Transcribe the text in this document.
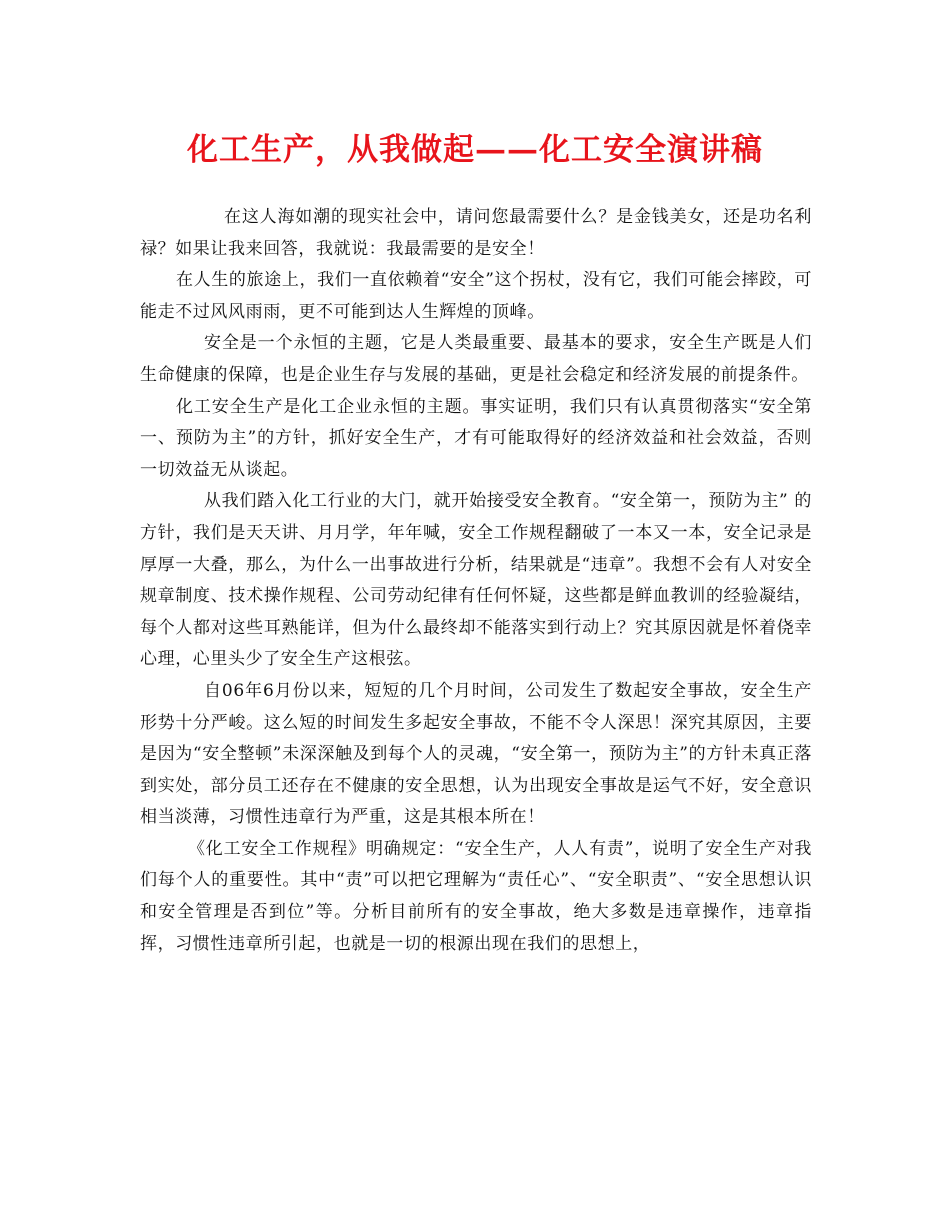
化工生产，从我做起——化工安全演讲稿

在这人海如潮的现实社会中，请问您最需要什么？是金钱美女，还是功名利禄？如果让我来回答，我就说：我最需要的是安全！

在人生的旅途上，我们一直依赖着“安全”这个拐杖，没有它，我们可能会摔跤，可能走不过风风雨雨，更不可能到达人生辉煌的顶峰。

安全是一个永恒的主题，它是人类最重要、最基本的要求，安全生产既是人们生命健康的保障，也是企业生存与发展的基础，更是社会稳定和经济发展的前提条件。

化工安全生产是化工企业永恒的主题。事实证明，我们只有认真贯彻落实“安全第一、预防为主”的方针，抓好安全生产，才有可能取得好的经济效益和社会效益，否则一切效益无从谈起。

从我们踏入化工行业的大门，就开始接受安全教育。“安全第一，预防为主” 的方针，我们是天天讲、月月学，年年喊，安全工作规程翻破了一本又一本，安全记录是厚厚一大叠，那么，为什么一出事故进行分析，结果就是“违章”。我想不会有人对安全规章制度、技术操作规程、公司劳动纪律有任何怀疑，这些都是鲜血教训的经验凝结，每个人都对这些耳熟能详，但为什么最终却不能落实到行动上？究其原因就是怀着侥幸心理，心里头少了安全生产这根弦。

自06年6月份以来，短短的几个月时间，公司发生了数起安全事故，安全生产形势十分严峻。这么短的时间发生多起安全事故，不能不令人深思！深究其原因，主要是因为“安全整顿”未深深触及到每个人的灵魂，“安全第一，预防为主”的方针未真正落到实处，部分员工还存在不健康的安全思想，认为出现安全事故是运气不好，安全意识相当淡薄，习惯性违章行为严重，这是其根本所在！

《化工安全工作规程》明确规定：“安全生产，人人有责”，说明了安全生产对我们每个人的重要性。其中“责”可以把它理解为“责任心”、“安全职责”、“安全思想认识和安全管理是否到位”等。分析目前所有的安全事故，绝大多数是违章操作，违章指挥，习惯性违章所引起，也就是一切的根源出现在我们的思想上，
